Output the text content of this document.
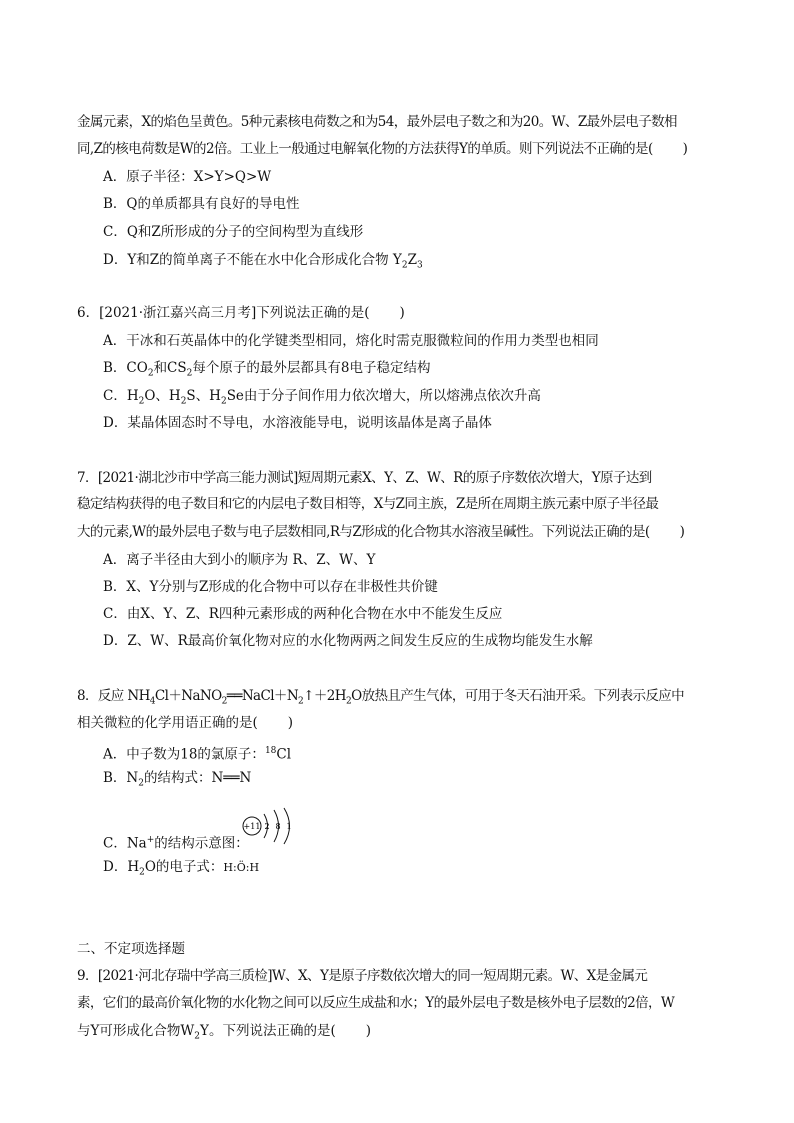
金属元素，X的焰色呈黄色。5种元素核电荷数之和为54，最外层电子数之和为20。W、Z最外层电子数相
同,Z的核电荷数是W的2倍。工业上一般通过电解氧化物的方法获得Y的单质。则下列说法不正确的是( )
A．原子半径：X>Y>Q>W
B．Q的单质都具有良好的导电性
C．Q和Z所形成的分子的空间构型为直线形
D．Y和Z的简单离子不能在水中化合形成化合物 $Y_2Z_3$
6．[2021·浙江嘉兴高三月考]下列说法正确的是( )
A．干冰和石英晶体中的化学键类型相同，熔化时需克服微粒间的作用力类型也相同
B．$CO_2$和$CS_2$每个原子的最外层都具有8电子稳定结构
C．$H_2O$、$H_2S$、$H_2Se$由于分子间作用力依次增大，所以熔沸点依次升高
D．某晶体固态时不导电，水溶液能导电，说明该晶体是离子晶体
7．[2021·湖北沙市中学高三能力测试]短周期元素X、Y、Z、W、R的原子序数依次增大，Y原子达到
稳定结构获得的电子数目和它的内层电子数目相等，X与Z同主族，Z是所在周期主族元素中原子半径最
大的元素,W的最外层电子数与电子层数相同,R与Z形成的化合物其水溶液呈碱性。下列说法正确的是( )
A．离子半径由大到小的顺序为 R、Z、W、Y
B．X、Y分别与Z形成的化合物中可以存在非极性共价键
C．由X、Y、Z、R四种元素形成的两种化合物在水中不能发生反应
D．Z、W、R最高价氧化物对应的水化物两两之间发生反应的生成物均能发生水解
8．反应 $NH_4Cl+NaNO_2══NaCl+N_2↑+2H_2O$放热且产生气体，可用于冬天石油开采。下列表示反应中
相关微粒的化学用语正确的是( )
A．中子数为18的氯原子：$^{18}$Cl
B．$N_2$的结构式：N══N
+11 2 8 1
C．Na+的结构示意图：
D．$H_2O$的电子式：H:Ö:H
二、不定项选择题
9．[2021·河北存瑞中学高三质检]W、X、Y是原子序数依次增大的同一短周期元素。W、X是金属元
素，它们的最高价氧化物的水化物之间可以反应生成盐和水；Y的最外层电子数是核外电子层数的2倍，W
与Y可形成化合物$W_2Y$。下列说法正确的是( )
